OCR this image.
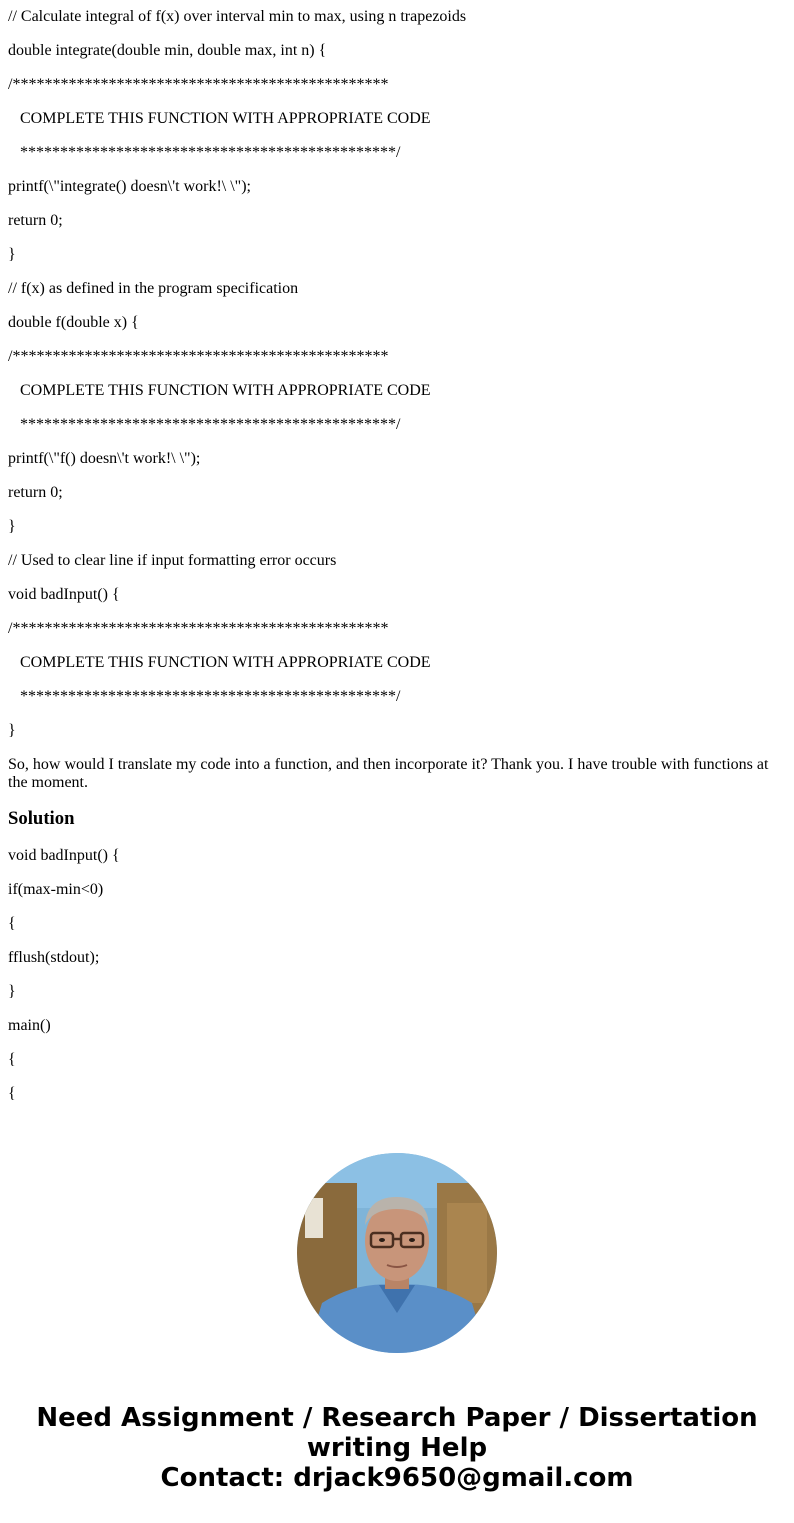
// Calculate integral of f(x) over interval min to max, using n trapezoids

double integrate(double min, double max, int n) {

/***********************************************

COMPLETE THIS FUNCTION WITH APPROPRIATE CODE

***********************************************/

printf(\"integrate() doesn\'t work!\ \");

return 0;

}

// f(x) as defined in the program specification

double f(double x) {

/***********************************************

COMPLETE THIS FUNCTION WITH APPROPRIATE CODE

***********************************************/

printf(\"f() doesn\'t work!\ \");

return 0;

}

// Used to clear line if input formatting error occurs

void badInput() {

/***********************************************

COMPLETE THIS FUNCTION WITH APPROPRIATE CODE

***********************************************/

}

So, how would I translate my code into a function, and then incorporate it? Thank you. I have trouble with functions at the moment.

Solution

void badInput() {

if(max-min<0)

{

fflush(stdout);

}

main()

{

{

Need Assignment / Research Paper / Dissertation
writing Help
Contact: drjack9650@gmail.com
